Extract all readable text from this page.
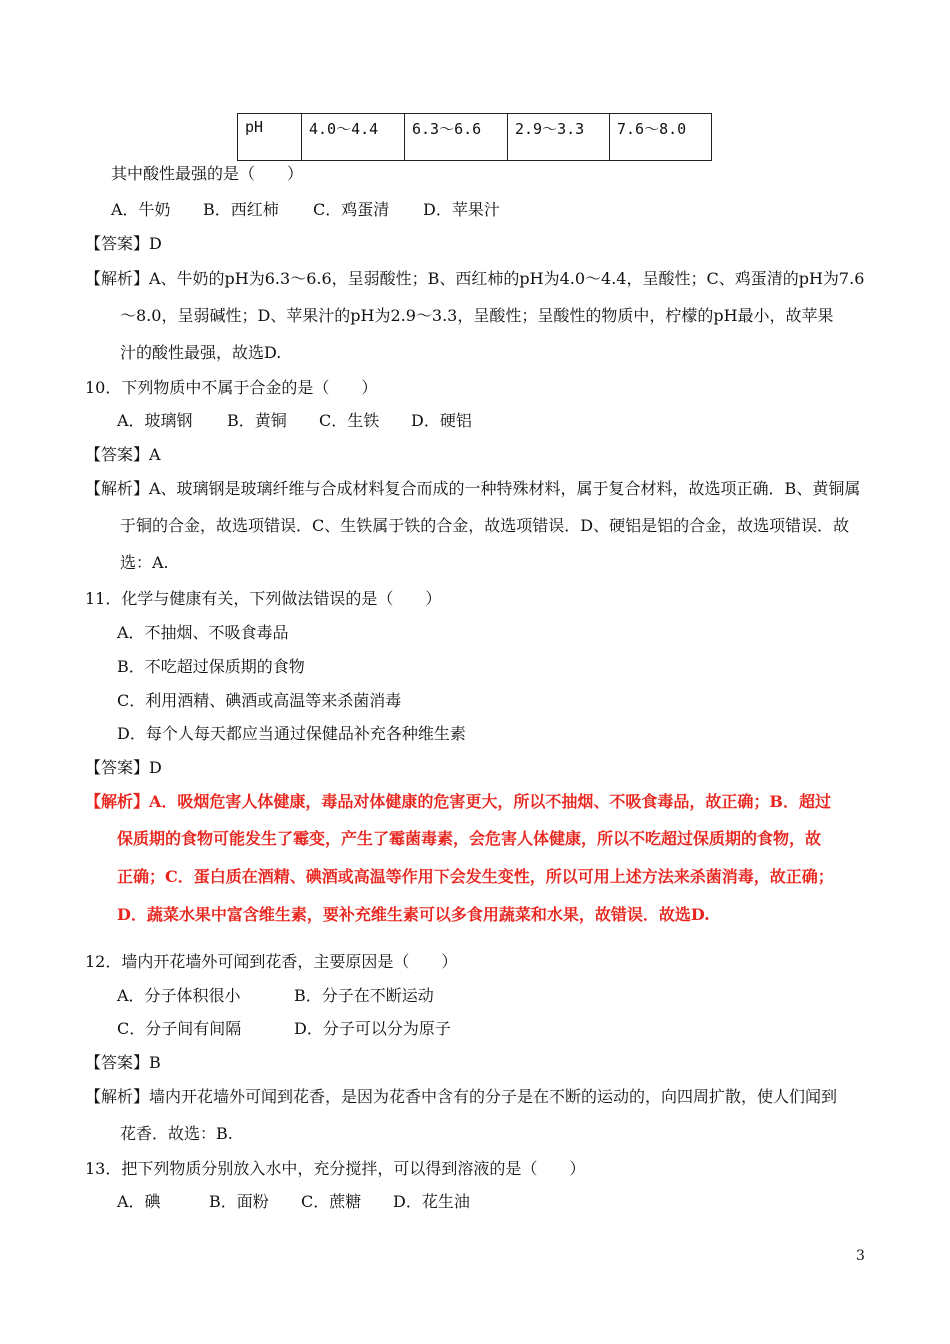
pH	4.0～4.4	6.3～6.6	2.9～3.3	7.6～8.0
其中酸性最强的是（　　）
A．牛奶 B．西红柿 C．鸡蛋清 D．苹果汁
【答案】D
【解析】A、牛奶的pH为6.3～6.6，呈弱酸性；B、西红柿的pH为4.0～4.4，呈酸性；C、鸡蛋清的pH为7.6
～8.0，呈弱碱性；D、苹果汁的pH为2.9～3.3，呈酸性；呈酸性的物质中，柠檬的pH最小，故苹果
汁的酸性最强，故选D.
10．下列物质中不属于合金的是（　　）
A．玻璃钢 B．黄铜 C．生铁 D．硬铝
【答案】A
【解析】A、玻璃钢是玻璃纤维与合成材料复合而成的一种特殊材料，属于复合材料，故选项正确．B、黄铜属
于铜的合金，故选项错误．C、生铁属于铁的合金，故选项错误．D、硬铝是铝的合金，故选项错误．故
选：A.
11．化学与健康有关，下列做法错误的是（　　）
A．不抽烟、不吸食毒品
B．不吃超过保质期的食物
C．利用酒精、碘酒或高温等来杀菌消毒
D．每个人每天都应当通过保健品补充各种维生素
【答案】D
【解析】A．吸烟危害人体健康，毒品对体健康的危害更大，所以不抽烟、不吸食毒品，故正确；B．超过
保质期的食物可能发生了霉变，产生了霉菌毒素，会危害人体健康，所以不吃超过保质期的食物，故
正确；C．蛋白质在酒精、碘酒或高温等作用下会发生变性，所以可用上述方法来杀菌消毒，故正确；
D．蔬菜水果中富含维生素，要补充维生素可以多食用蔬菜和水果，故错误．故选D.
12．墙内开花墙外可闻到花香，主要原因是（　　）
A．分子体积很小	B．分子在不断运动
C．分子间有间隔	D．分子可以分为原子
【答案】B
【解析】墙内开花墙外可闻到花香，是因为花香中含有的分子是在不断的运动的，向四周扩散，使人们闻到
花香．故选：B.
13．把下列物质分别放入水中，充分搅拌，可以得到溶液的是（　　）
A．碘	B．面粉 C．蔗糖 D．花生油
3
